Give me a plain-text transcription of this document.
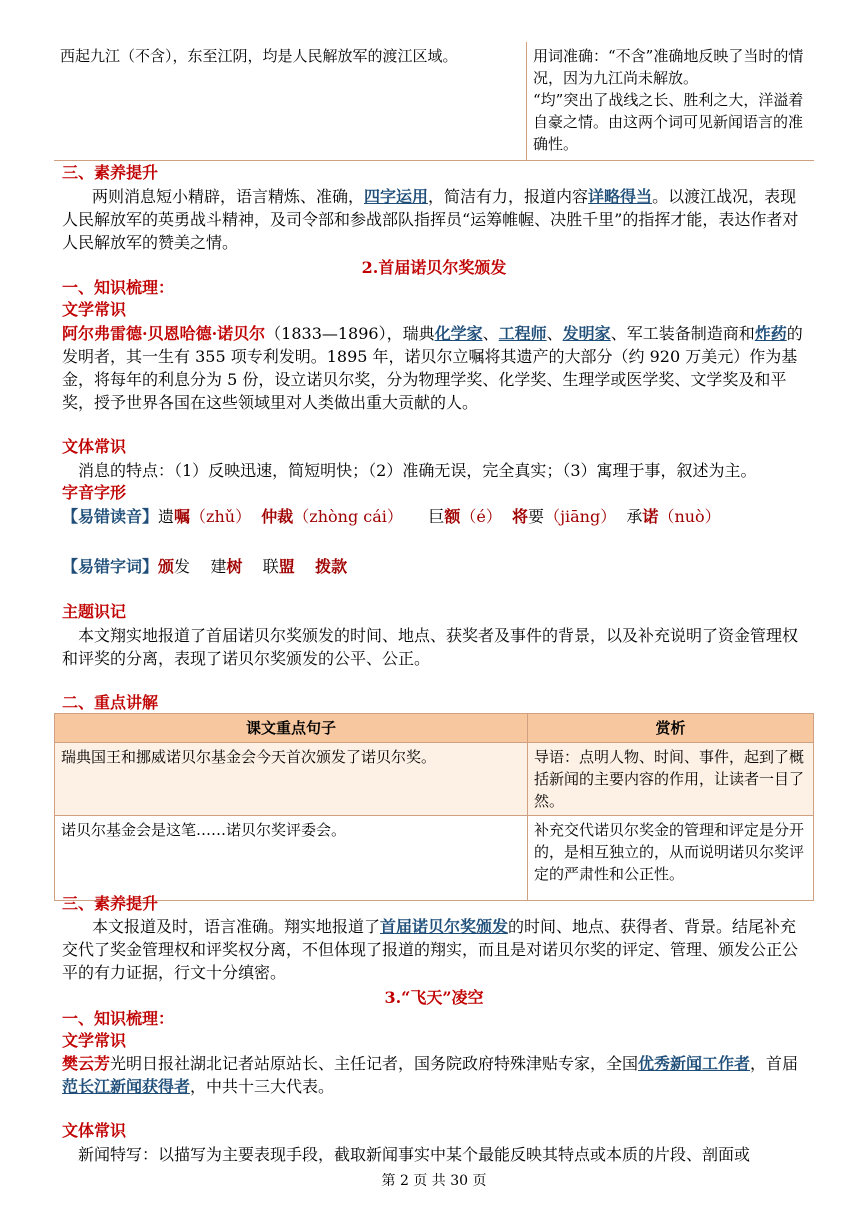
西起九江（不含），东至江阴，均是人民解放军的渡江区域。	用词准确：“不含”准确地反映了当时的情况，因为九江尚未解放。
“均”突出了战线之长、胜利之大，洋溢着自豪之情。由这两个词可见新闻语言的准确性。
三、素养提升
两则消息短小精辟，语言精炼、准确，四字运用，简洁有力，报道内容详略得当。以渡江战况，表现人民解放军的英勇战斗精神，及司令部和参战部队指挥员“运筹帷幄、决胜千里”的指挥才能，表达作者对人民解放军的赞美之情。
2.首届诺贝尔奖颁发
一、知识梳理：
文学常识
阿尔弗雷德·贝恩哈德·诺贝尔（1833—1896），瑞典化学家、工程师、发明家、军工装备制造商和炸药的发明者，其一生有 355 项专利发明。1895 年，诺贝尔立嘱将其遗产的大部分（约 920 万美元）作为基金，将每年的利息分为 5 份，设立诺贝尔奖，分为物理学奖、化学奖、生理学或医学奖、文学奖及和平奖，授予世界各国在这些领域里对人类做出重大贡献的人。
文体常识
消息的特点：（1）反映迅速，简短明快；（2）准确无误，完全真实；（3）寓理于事，叙述为主。
字音字形
【易错读音】遗嘱（zhǔ） 仲裁（zhòng cái） 巨额（é） 将要（jiāng） 承诺（nuò）
【易错字词】颁发 建树 联盟 拨款
主题识记
本文翔实地报道了首届诺贝尔奖颁发的时间、地点、获奖者及事件的背景，以及补充说明了资金管理权和评奖的分离，表现了诺贝尔奖颁发的公平、公正。
二、重点讲解
课文重点句子	赏析
瑞典国王和挪威诺贝尔基金会今天首次颁发了诺贝尔奖。	导语：点明人物、时间、事件，起到了概括新闻的主要内容的作用，让读者一目了然。
诺贝尔基金会是这笔……诺贝尔奖评委会。	补充交代诺贝尔奖金的管理和评定是分开的，是相互独立的，从而说明诺贝尔奖评定的严肃性和公正性。
三、素养提升
本文报道及时，语言准确。翔实地报道了首届诺贝尔奖颁发的时间、地点、获得者、背景。结尾补充交代了奖金管理权和评奖权分离，不但体现了报道的翔实，而且是对诺贝尔奖的评定、管理、颁发公正公平的有力证据，行文十分缜密。
3.“飞天”凌空
一、知识梳理：
文学常识
樊云芳光明日报社湖北记者站原站长、主任记者，国务院政府特殊津贴专家，全国优秀新闻工作者，首届范长江新闻获得者，中共十三大代表。
文体常识
新闻特写：以描写为主要表现手段，截取新闻事实中某个最能反映其特点或本质的片段、剖面或
第 2 页 共 30 页
